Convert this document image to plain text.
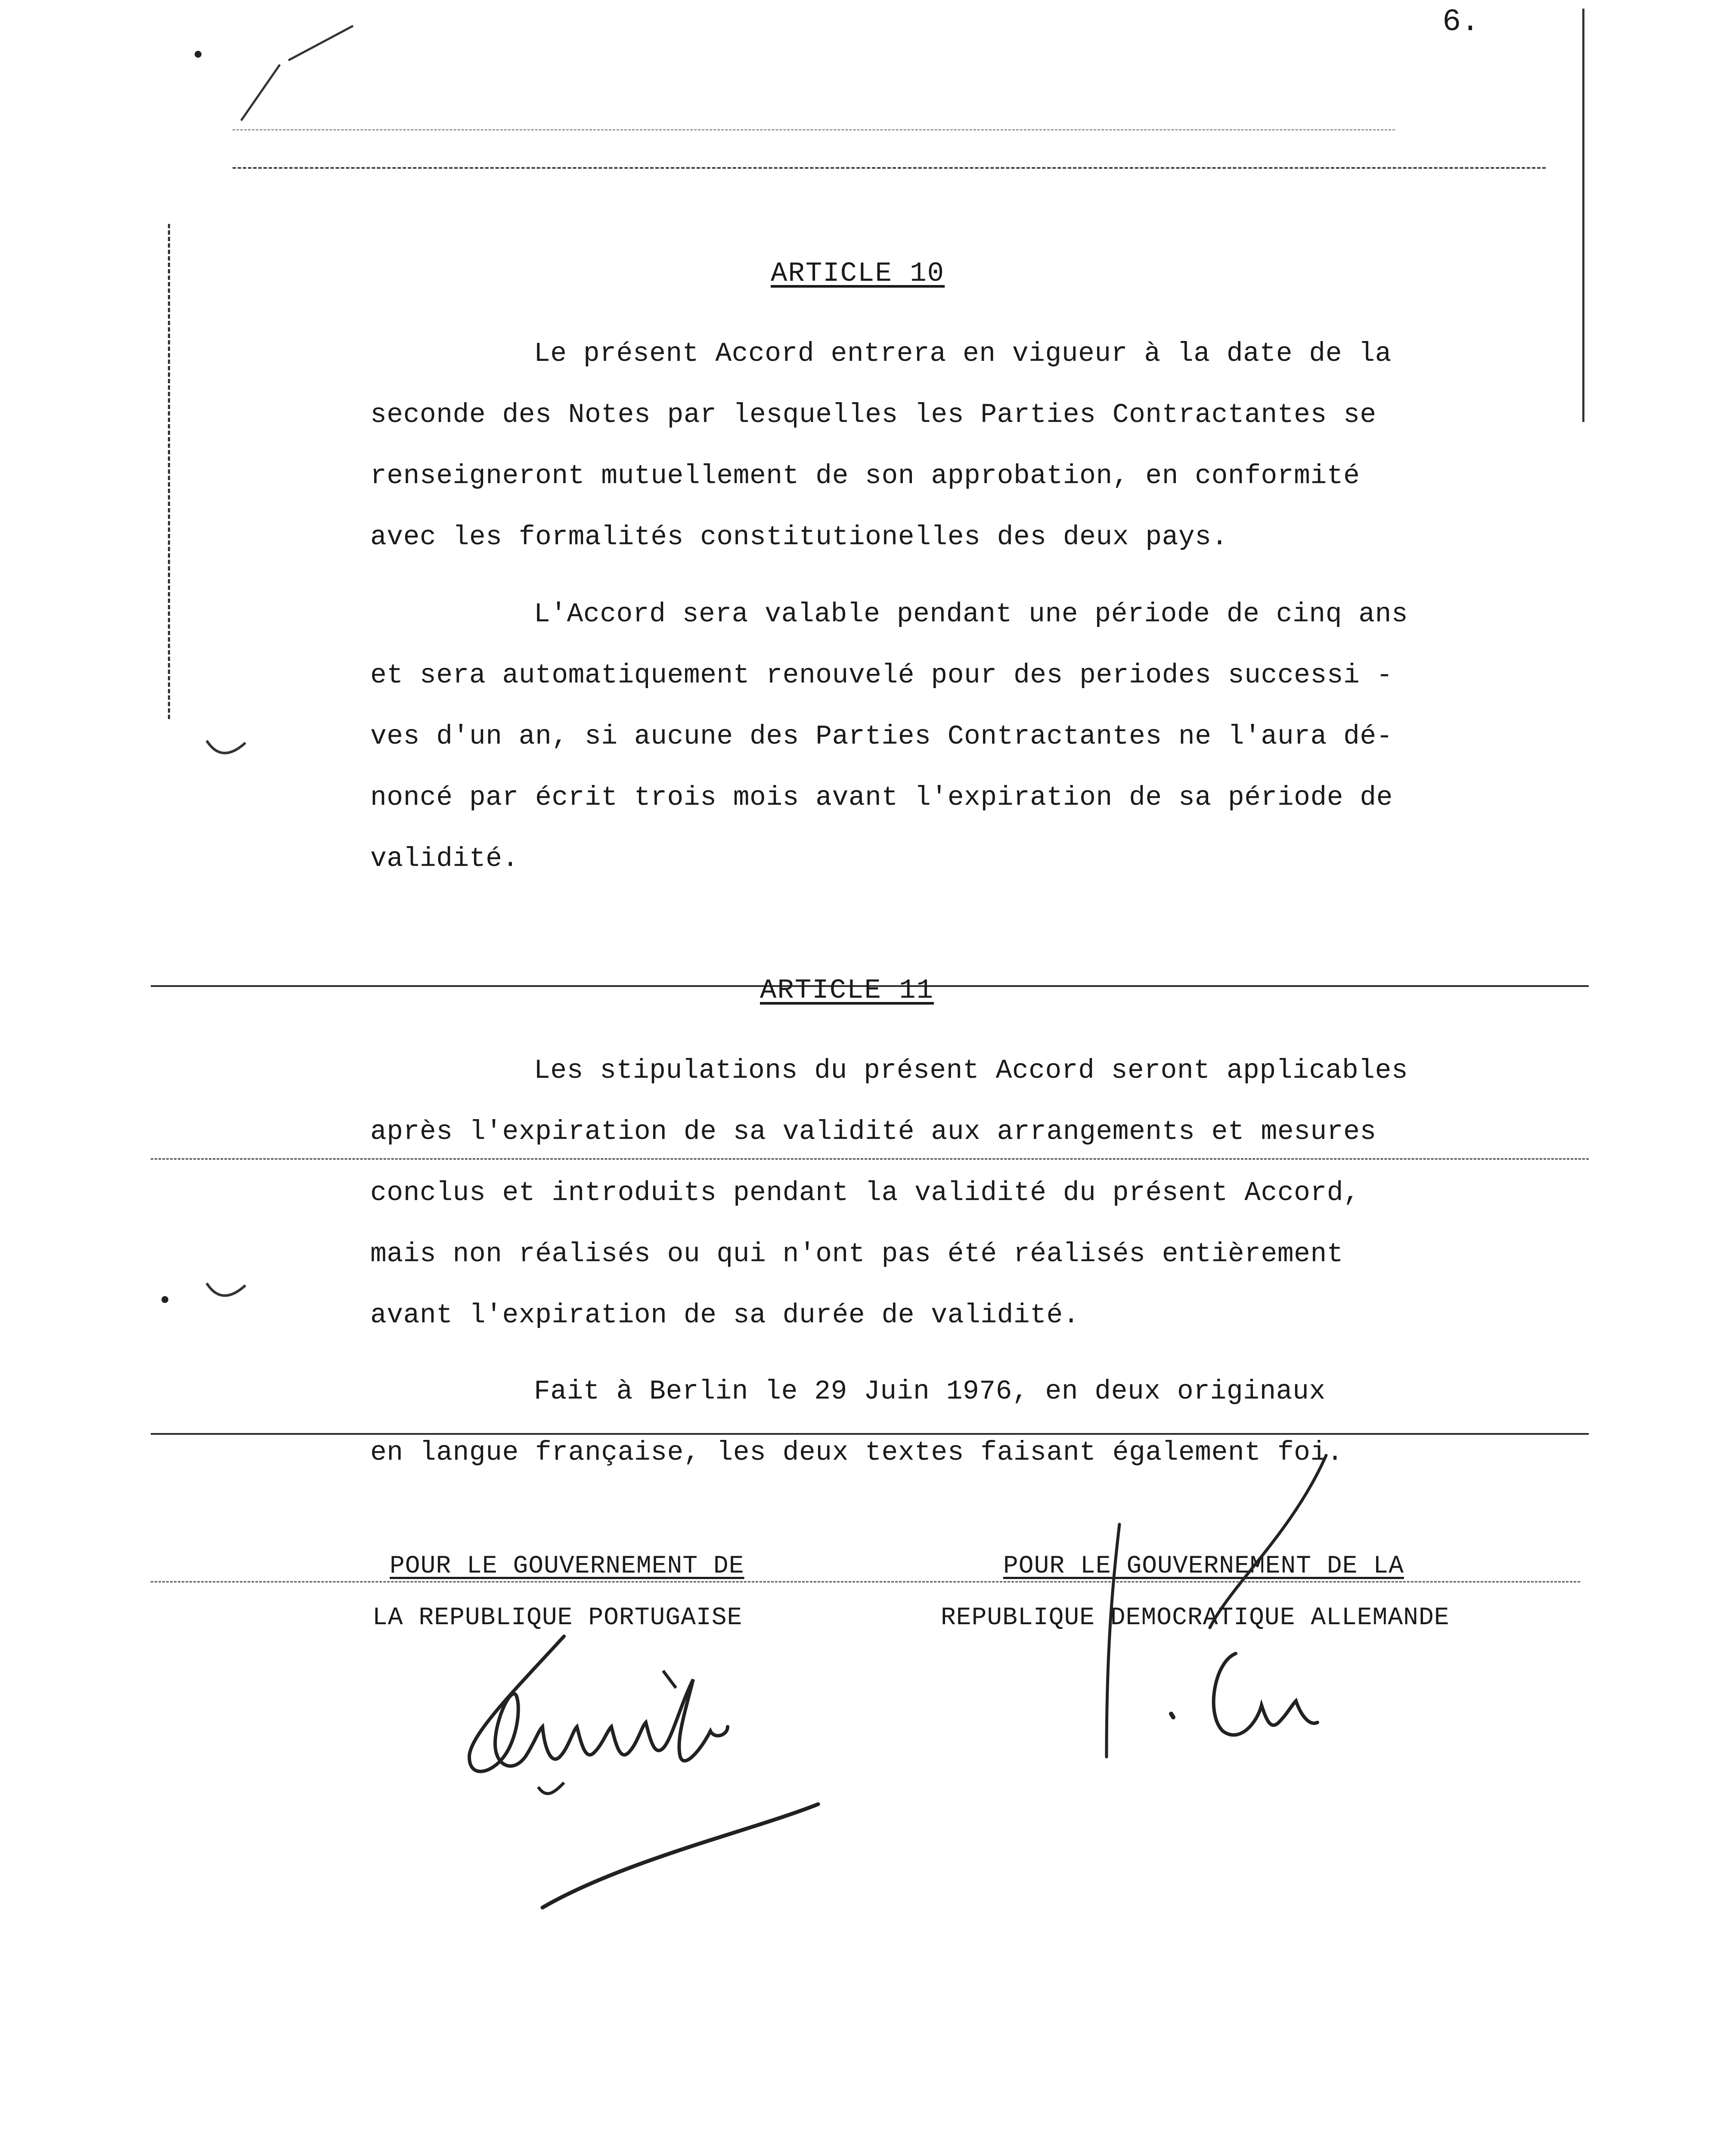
6.
ARTICLE 10
Le présent Accord entrera en vigueur à la date de la
seconde des Notes par lesquelles les Parties Contractantes se
renseigneront mutuellement de son approbation, en conformité
avec les formalités constitutionelles des deux pays.
L'Accord sera valable pendant une période de cinq ans
et sera automatiquement renouvelé pour des periodes successi -
ves d'un an, si aucune des Parties Contractantes ne l'aura dé-
noncé par écrit trois mois avant l'expiration de sa période de
validité.
ARTICLE 11
Les stipulations du présent Accord seront applicables
après l'expiration de sa validité aux arrangements et mesures
conclus et introduits pendant la validité du présent Accord,
mais non réalisés ou qui n'ont pas été réalisés entièrement
avant l'expiration de sa durée de validité.
Fait à Berlin le 29 Juin 1976, en deux originaux
en langue française, les deux textes faisant également foi.
POUR LE GOUVERNEMENT DE
LA REPUBLIQUE PORTUGAISE
POUR LE GOUVERNEMENT DE LA
REPUBLIQUE DEMOCRATIQUE ALLEMANDE
